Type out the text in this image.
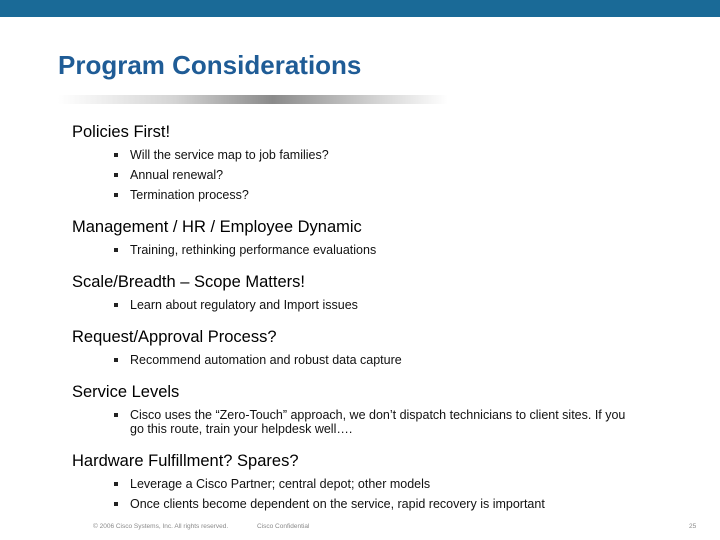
Program Considerations

Policies First!

Will the service map to job families?
Annual renewal?
Termination process?

Management / HR / Employee Dynamic

Training, rethinking performance evaluations

Scale/Breadth – Scope Matters!

Learn about regulatory and Import issues

Request/Approval Process?

Recommend automation and robust data capture

Service Levels

Cisco uses the “Zero-Touch” approach, we don’t dispatch technicians to client sites. If you go this route, train your helpdesk well….

Hardware Fulfillment? Spares?

Leverage a Cisco Partner; central depot; other models
Once clients become dependent on the service, rapid recovery is important
© 2006 Cisco Systems, Inc. All rights reserved.	Cisco Confidential	25
